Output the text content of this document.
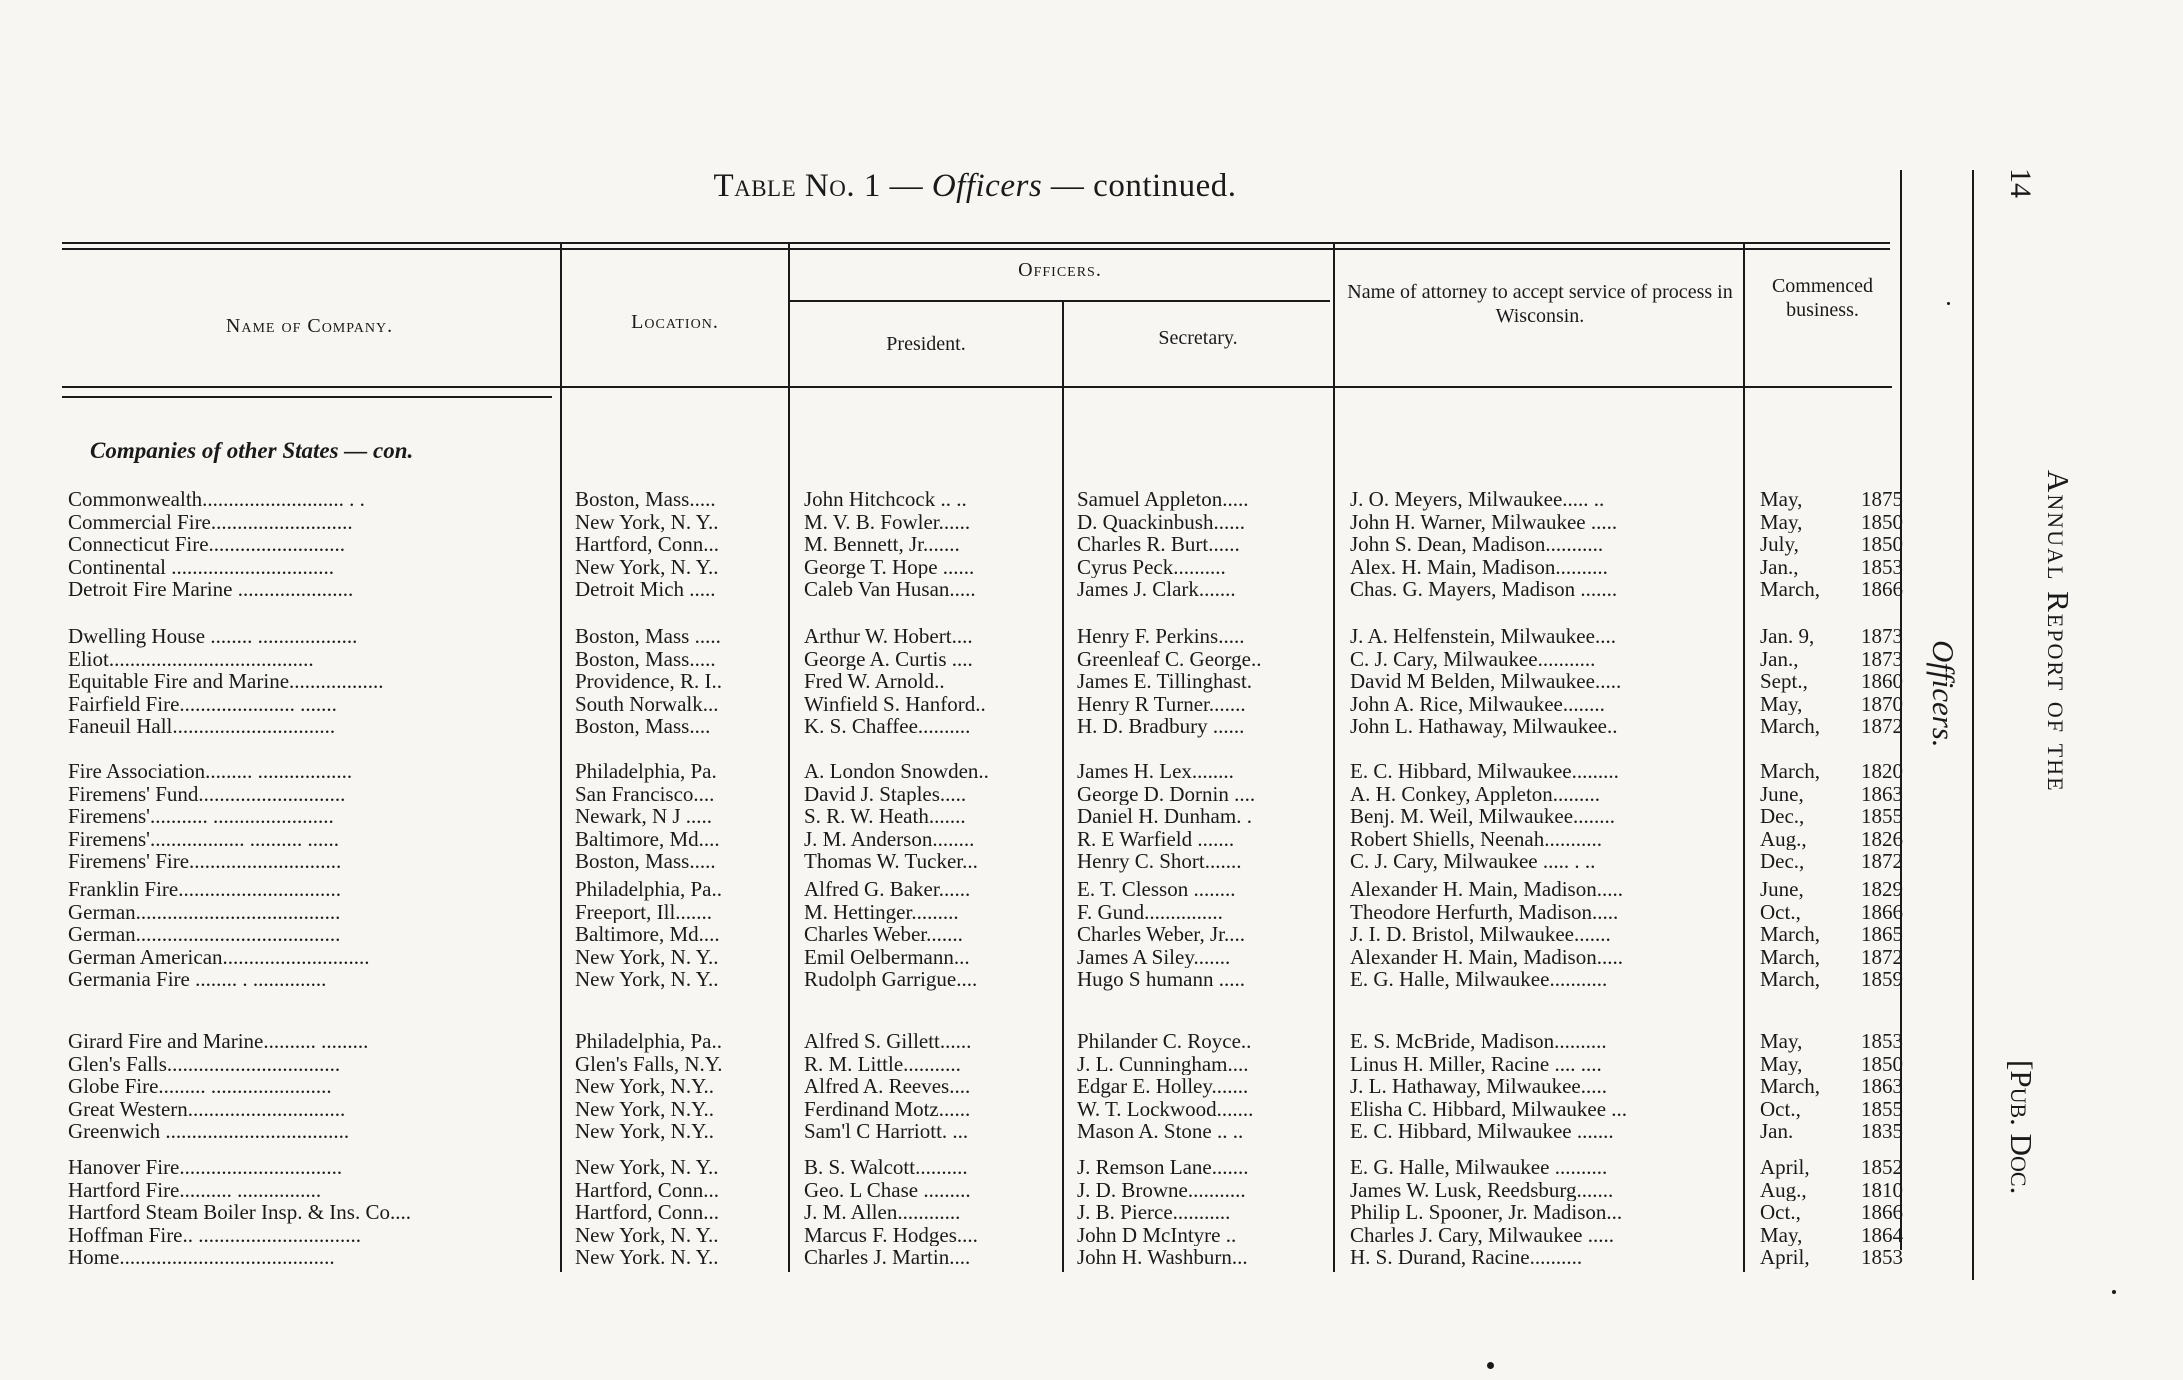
Table No. 1 — Officers — continued.
Name of Company.	Location.
Officers.
President.	Secretary.
Name of attorney to accept service of process in Wisconsin.
Commenced business.
Companies of other States — con.
Commonwealth........................... . .	Boston, Mass.....	John Hitchcock .. ..	Samuel Appleton.....	J. O. Meyers, Milwaukee..... ..	May,	1875
Commercial Fire...........................	New York, N. Y..	M. V. B. Fowler......	D. Quackinbush......	John H. Warner, Milwaukee .....	May,	1850
Connecticut Fire..........................	Hartford, Conn...	M. Bennett, Jr.......	Charles R. Burt......	John S. Dean, Madison...........	July,	1850
Continental ...............................	New York, N. Y..	George T. Hope ......	Cyrus Peck..........	Alex. H. Main, Madison..........	Jan.,	1853
Detroit Fire Marine ......................	Detroit Mich .....	Caleb Van Husan.....	James J. Clark.......	Chas. G. Mayers, Madison .......	March,	1866
Dwelling House ........ ...................	Boston, Mass .....	Arthur W. Hobert....	Henry F. Perkins.....	J. A. Helfenstein, Milwaukee....	Jan. 9,	1873
Eliot.......................................	Boston, Mass.....	George A. Curtis ....	Greenleaf C. George..	C. J. Cary, Milwaukee...........	Jan.,	1873
Equitable Fire and Marine..................	Providence, R. I..	Fred W. Arnold..	James E. Tillinghast.	David M Belden, Milwaukee.....	Sept.,	1860
Fairfield Fire...................... .......	South Norwalk...	Winfield S. Hanford..	Henry R Turner.......	John A. Rice, Milwaukee........	May,	1870
Faneuil Hall...............................	Boston, Mass....	K. S. Chaffee..........	H. D. Bradbury ......	John L. Hathaway, Milwaukee..	March,	1872
Fire Association......... ..................	Philadelphia, Pa.	A. London Snowden..	James H. Lex........	E. C. Hibbard, Milwaukee.........	March,	1820
Firemens' Fund............................	San Francisco....	David J. Staples.....	George D. Dornin ....	A. H. Conkey, Appleton.........	June,	1863
Firemens'........... .......................	Newark, N J .....	S. R. W. Heath.......	Daniel H. Dunham. .	Benj. M. Weil, Milwaukee........	Dec.,	1855
Firemens'.................. .......... ......	Baltimore, Md....	J. M. Anderson........	R. E Warfield .......	Robert Shiells, Neenah...........	Aug.,	1826
Firemens' Fire.............................	Boston, Mass.....	Thomas W. Tucker...	Henry C. Short.......	C. J. Cary, Milwaukee ..... . ..	Dec.,	1872
Franklin Fire...............................	Philadelphia, Pa..	Alfred G. Baker......	E. T. Clesson ........	Alexander H. Main, Madison.....	June,	1829
German.......................................	Freeport, Ill.......	M. Hettinger.........	F. Gund...............	Theodore Herfurth, Madison.....	Oct.,	1866
German.......................................	Baltimore, Md....	Charles Weber.......	Charles Weber, Jr....	J. I. D. Bristol, Milwaukee.......	March,	1865
German American............................	New York, N. Y..	Emil Oelbermann...	James A Siley.......	Alexander H. Main, Madison.....	March,	1872
Germania Fire ........ . ..............	New York, N. Y..	Rudolph Garrigue....	Hugo S humann .....	E. G. Halle, Milwaukee...........	March,	1859
Girard Fire and Marine.......... .........	Philadelphia, Pa..	Alfred S. Gillett......	Philander C. Royce..	E. S. McBride, Madison..........	May,	1853
Glen's Falls.................................	Glen's Falls, N.Y.	R. M. Little...........	J. L. Cunningham....	Linus H. Miller, Racine .... ....	May,	1850
Globe Fire......... .......................	New York, N.Y..	Alfred A. Reeves....	Edgar E. Holley.......	J. L. Hathaway, Milwaukee.....	March,	1863
Great Western..............................	New York, N.Y..	Ferdinand Motz......	W. T. Lockwood.......	Elisha C. Hibbard, Milwaukee ...	Oct.,	1855
Greenwich ...................................	New York, N.Y..	Sam'l C Harriott. ...	Mason A. Stone .. ..	E. C. Hibbard, Milwaukee .......	Jan.	1835
Hanover Fire...............................	New York, N. Y..	B. S. Walcott..........	J. Remson Lane.......	E. G. Halle, Milwaukee ..........	April,	1852
Hartford Fire.......... ................	Hartford, Conn...	Geo. L Chase .........	J. D. Browne...........	James W. Lusk, Reedsburg.......	Aug.,	1810
Hartford Steam Boiler Insp. & Ins. Co....	Hartford, Conn...	J. M. Allen............	J. B. Pierce...........	Philip L. Spooner, Jr. Madison...	Oct.,	1866
Hoffman Fire.. ...............................	New York, N. Y..	Marcus F. Hodges....	John D McIntyre ..	Charles J. Cary, Milwaukee .....	May,	1864
Home.........................................	New York. N. Y..	Charles J. Martin....	John H. Washburn...	H. S. Durand, Racine..........	April,	1853
14
Annual Report of the
[Pub. Doc.
Officers.
